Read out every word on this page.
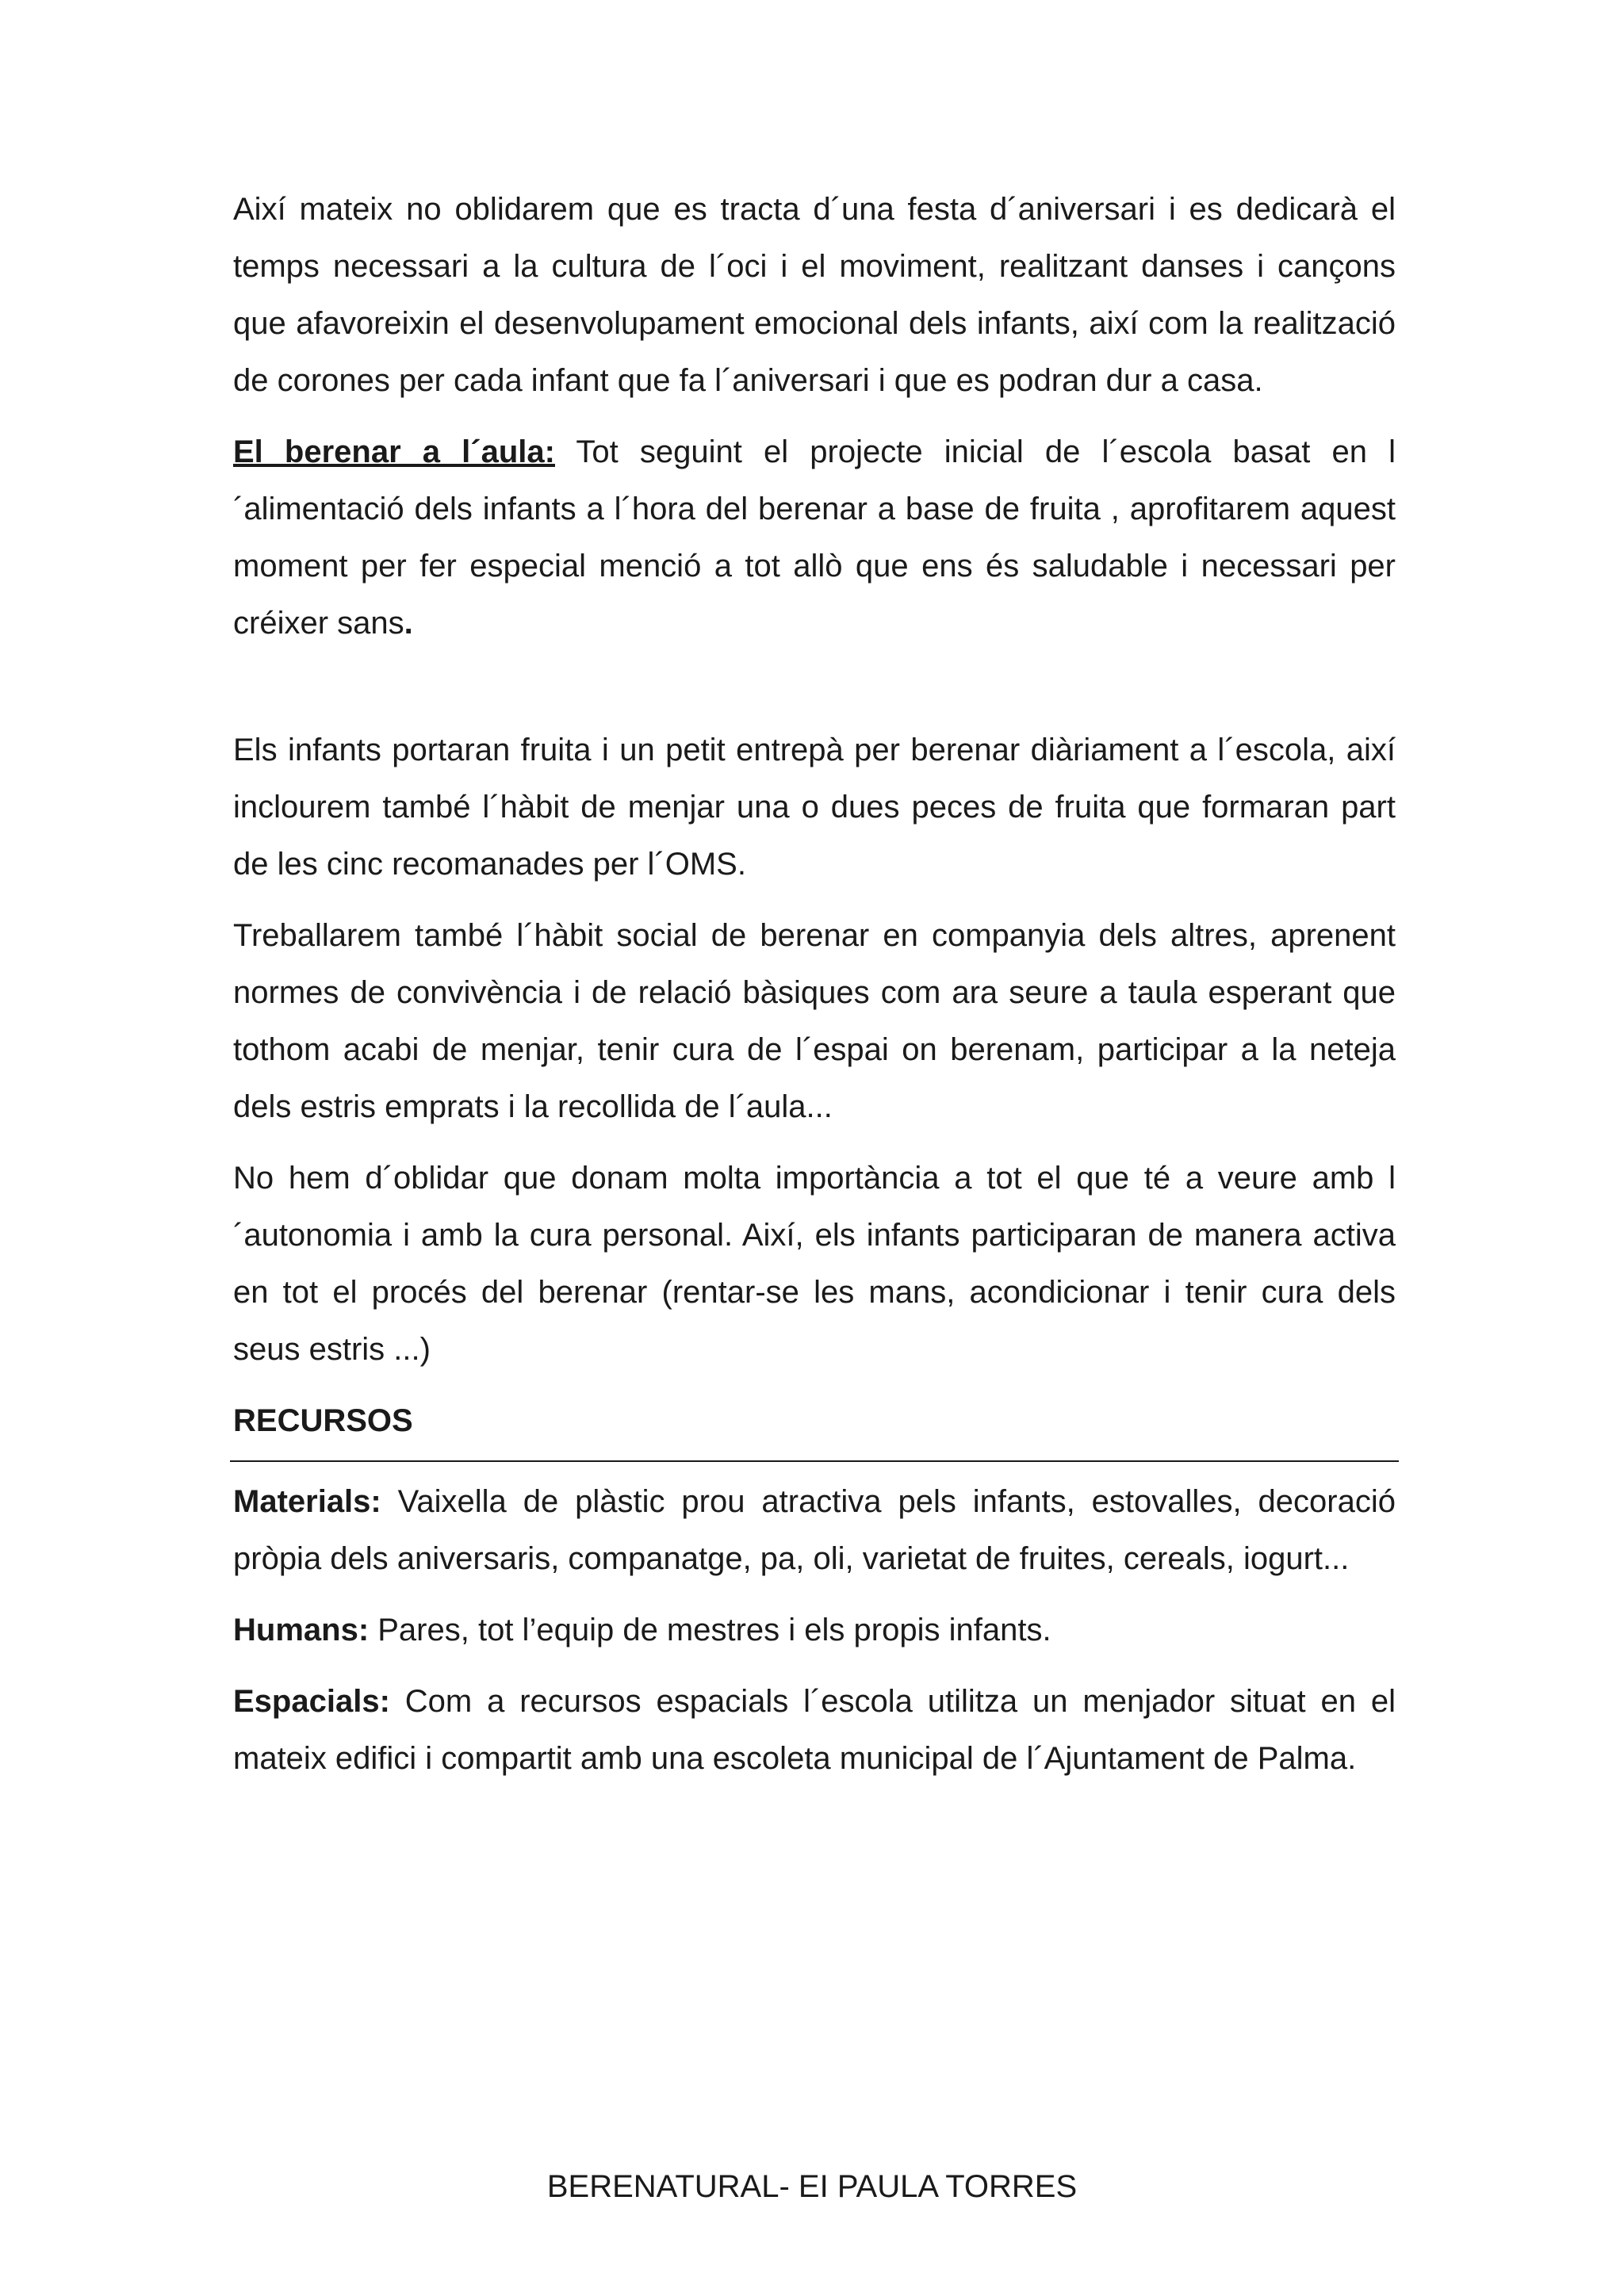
Així mateix no oblidarem que es tracta d´una festa d´aniversari i es dedicarà el temps necessari a la cultura de l´oci i el moviment, realitzant danses i cançons que afavoreixin el desenvolupament emocional dels infants, així com la realització de corones per cada infant que fa l´aniversari i que es podran dur a casa.

El berenar a l´aula: Tot seguint el projecte inicial de l´escola basat en l´alimentació dels infants a l´hora del berenar a base de fruita , aprofitarem aquest moment per fer especial menció a tot allò que ens és saludable i necessari per créixer sans.

Els infants portaran fruita i un petit entrepà per berenar diàriament a l´escola, així inclourem també l´hàbit de menjar una o dues peces de fruita que formaran part de les cinc recomanades per l´OMS.

Treballarem també l´hàbit social de berenar en companyia dels altres, aprenent normes de convivència i de relació bàsiques com ara seure a taula esperant que tothom acabi de menjar, tenir cura de l´espai on berenam, participar a la neteja dels estris emprats i la recollida de l´aula...

No hem d´oblidar que donam molta importància a tot el que té a veure amb l´autonomia i amb la cura personal. Així, els infants participaran de manera activa en tot el procés del berenar (rentar-se les mans, acondicionar i tenir cura dels seus estris ...)

RECURSOS

Materials: Vaixella de plàstic prou atractiva pels infants, estovalles, decoració pròpia dels aniversaris, companatge, pa, oli, varietat de fruites, cereals, iogurt...

Humans: Pares, tot l’equip de mestres i els propis infants.

Espacials: Com a recursos espacials l´escola utilitza un menjador situat en el mateix edifici i compartit amb una escoleta municipal de l´Ajuntament de Palma.

BERENATURAL- EI PAULA TORRES
